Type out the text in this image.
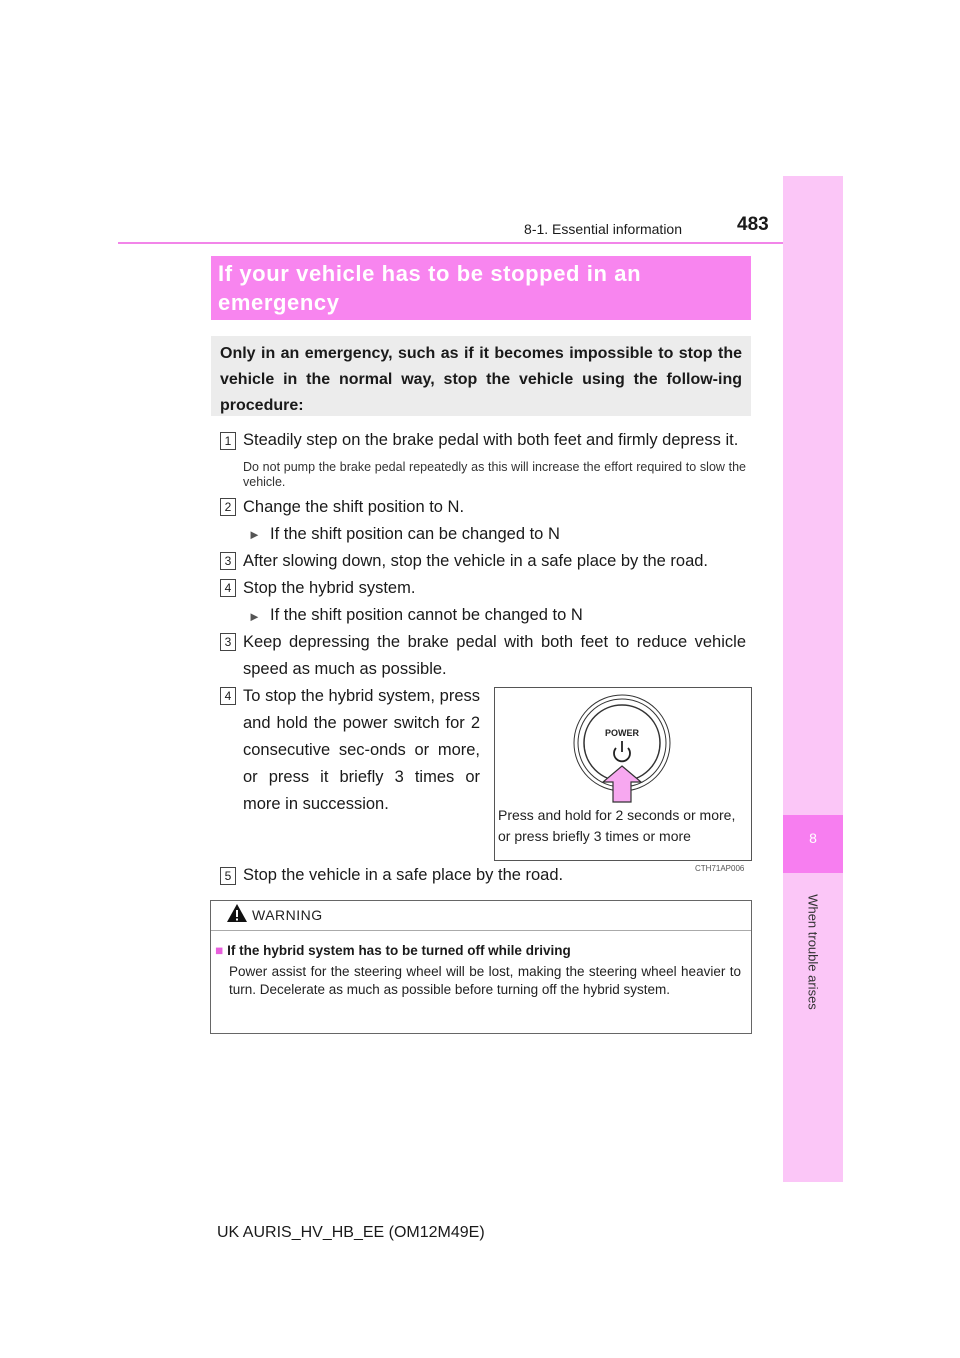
8
When trouble arises
8-1. Essential information	483
If your vehicle has to be stopped in an
emergency
Only in an emergency, such as if it becomes impossible to stop the vehicle in the normal way, stop the vehicle using the follow-ing procedure:
1 Steadily step on the brake pedal with both feet and firmly depress it.
Do not pump the brake pedal repeatedly as this will increase the effort required to slow the vehicle.
2 Change the shift position to N.
► If the shift position can be changed to N
3 After slowing down, stop the vehicle in a safe place by the road.
4 Stop the hybrid system.
► If the shift position cannot be changed to N
3 Keep depressing the brake pedal with both feet to reduce vehicle speed as much as possible.
4 To stop the hybrid system, press and hold the power switch for 2 consecutive sec-onds or more, or press it briefly 3 times or more in succession.
POWER
Press and hold for 2 seconds or more, or press briefly 3 times or more
CTH71AP006
5 Stop the vehicle in a safe place by the road.
WARNING
■ If the hybrid system has to be turned off while driving
Power assist for the steering wheel will be lost, making the steering wheel heavier to turn. Decelerate as much as possible before turning off the hybrid system.
UK AURIS_HV_HB_EE (OM12M49E)
